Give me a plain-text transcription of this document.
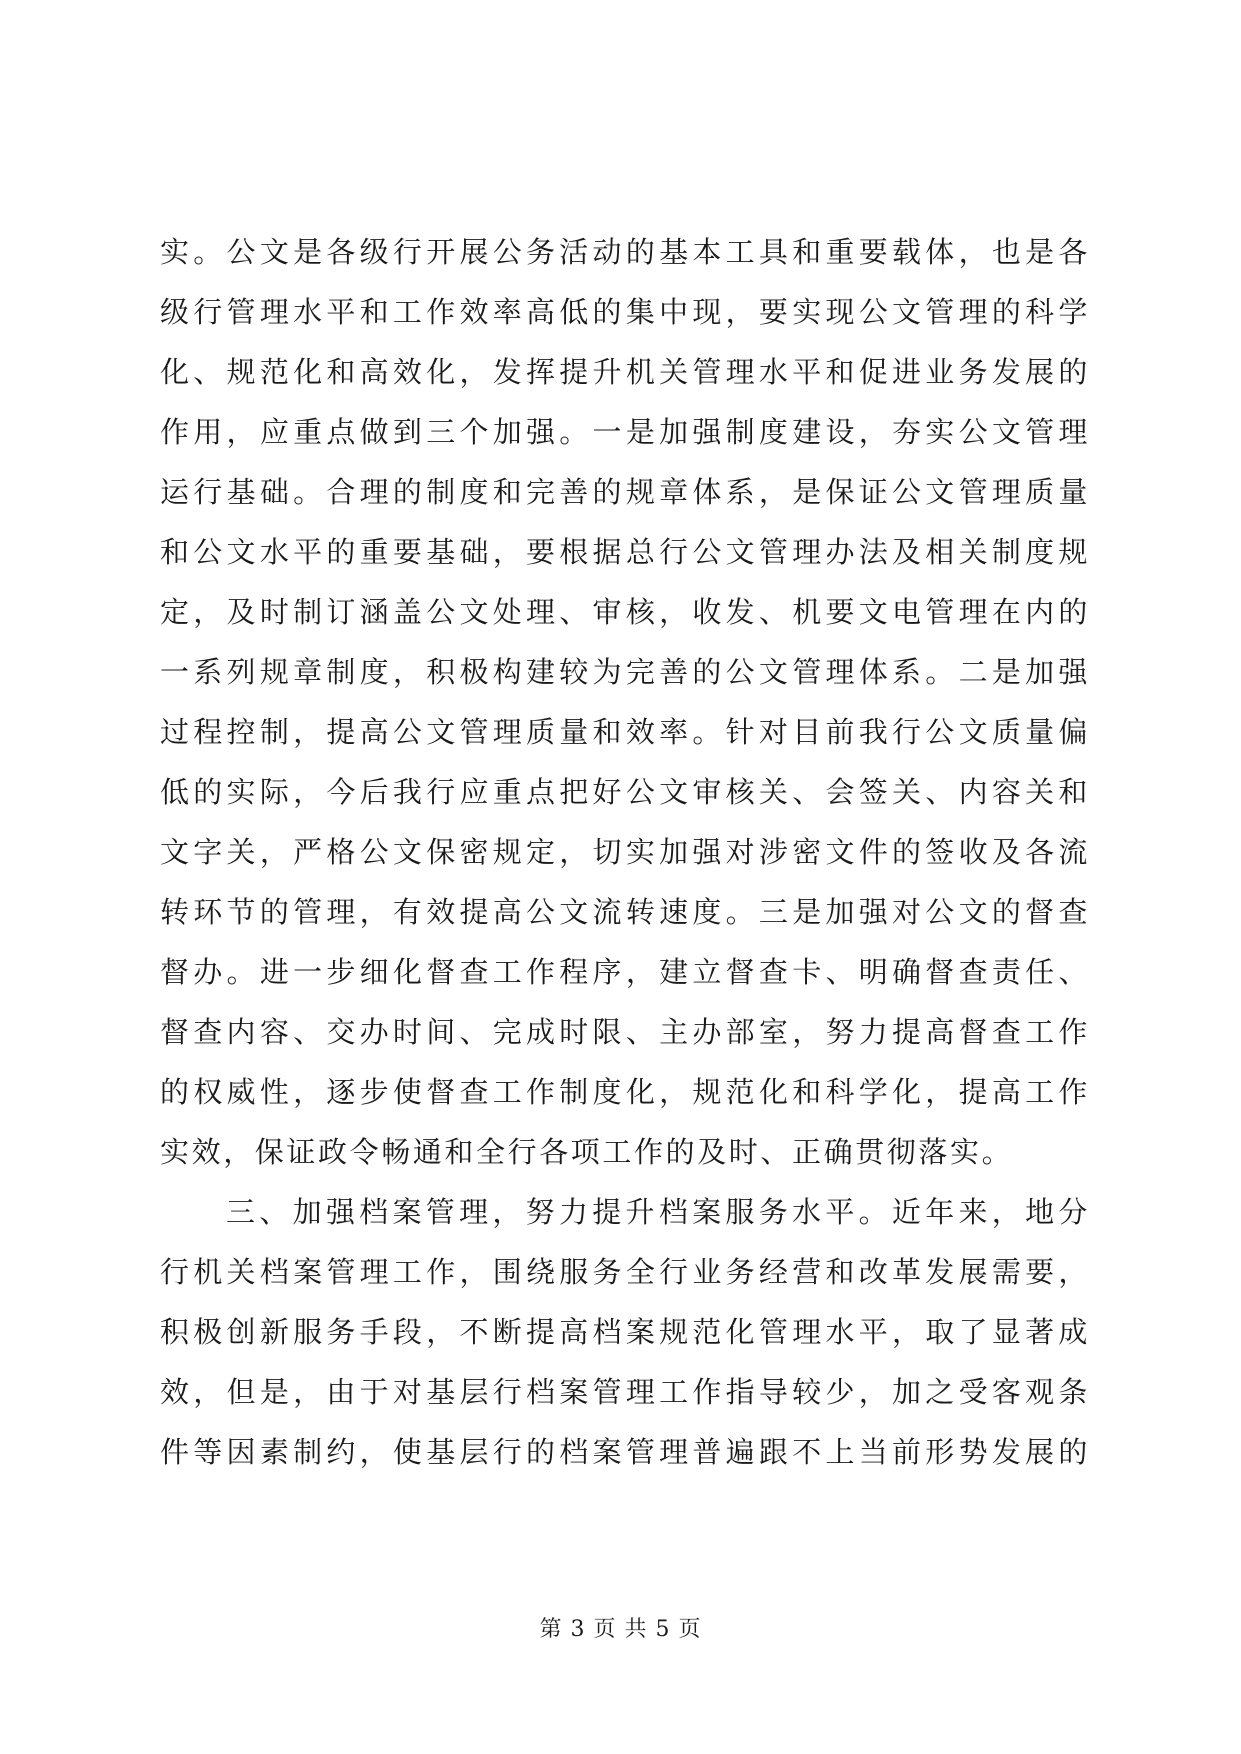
实。公文是各级行开展公务活动的基本工具和重要载体，也是各
级行管理水平和工作效率高低的集中现，要实现公文管理的科学
化、规范化和高效化，发挥提升机关管理水平和促进业务发展的
作用，应重点做到三个加强。一是加强制度建设，夯实公文管理
运行基础。合理的制度和完善的规章体系，是保证公文管理质量
和公文水平的重要基础，要根据总行公文管理办法及相关制度规
定，及时制订涵盖公文处理、审核，收发、机要文电管理在内的
一系列规章制度，积极构建较为完善的公文管理体系。二是加强
过程控制，提高公文管理质量和效率。针对目前我行公文质量偏
低的实际，今后我行应重点把好公文审核关、会签关、内容关和
文字关，严格公文保密规定，切实加强对涉密文件的签收及各流
转环节的管理，有效提高公文流转速度。三是加强对公文的督查
督办。进一步细化督查工作程序，建立督查卡、明确督查责任、
督查内容、交办时间、完成时限、主办部室，努力提高督查工作
的权威性，逐步使督查工作制度化，规范化和科学化，提高工作
实效，保证政令畅通和全行各项工作的及时、正确贯彻落实。
三、加强档案管理，努力提升档案服务水平。近年来，地分
行机关档案管理工作，围绕服务全行业务经营和改革发展需要，
积极创新服务手段，不断提高档案规范化管理水平，取了显著成
效，但是，由于对基层行档案管理工作指导较少，加之受客观条
件等因素制约，使基层行的档案管理普遍跟不上当前形势发展的
第 3 页 共 5 页
